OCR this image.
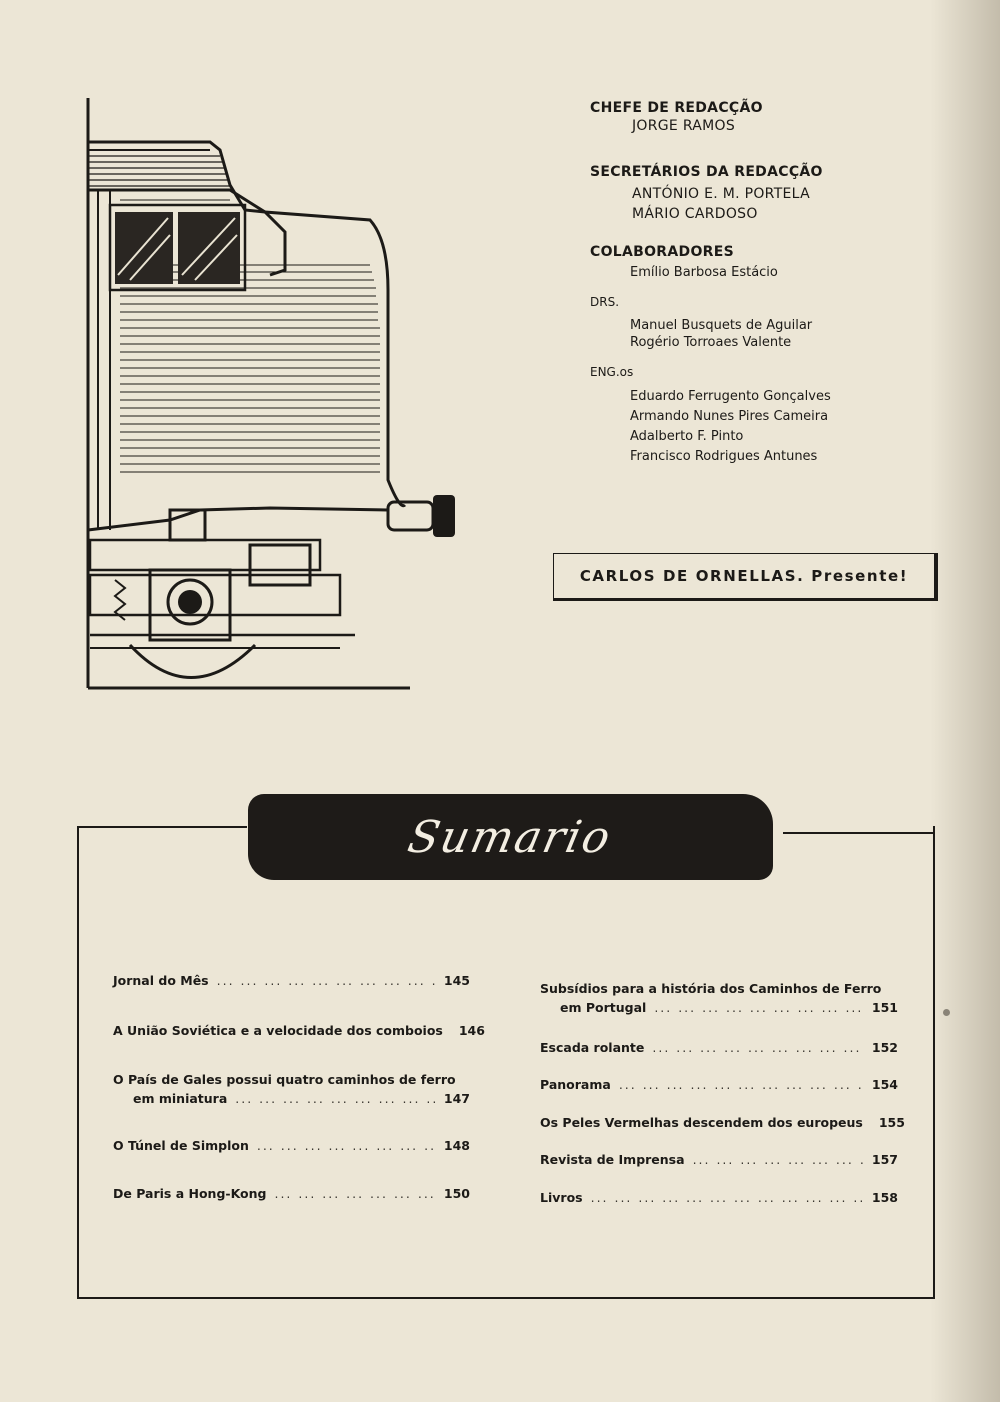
CHEFE DE REDACÇÃO
JORGE RAMOS
SECRETÁRIOS DA REDACÇÃO
ANTÓNIO E. M. PORTELA
MÁRIO CARDOSO
COLABORADORES
Emílio Barbosa Estácio
DRS.
Manuel Busquets de Aguilar
Rogério Torroaes Valente
ENG.os
Eduardo Ferrugento Gonçalves
Armando Nunes Pires Cameira
Adalberto F. Pinto
Francisco Rodrigues Antunes
CARLOS DE ORNELLAS. Presente!
Sumario
Jornal do Mês ... .	145
A União Soviética e a velocidade dos comboios 146
O País de Gales possui quatro caminhos de ferro
em miniatura ... .	147
O Túnel de Simplon ... .	148
De Paris a Hong-Kong ... .	150
Subsídios para a história dos Caminhos de Ferro
em Portugal ... .	151
Escada rolante ... .	152
Panorama ... .	154
Os Peles Vermelhas descendem dos europeus 155
Revista de Imprensa ... .	157
Livros ... .	158
